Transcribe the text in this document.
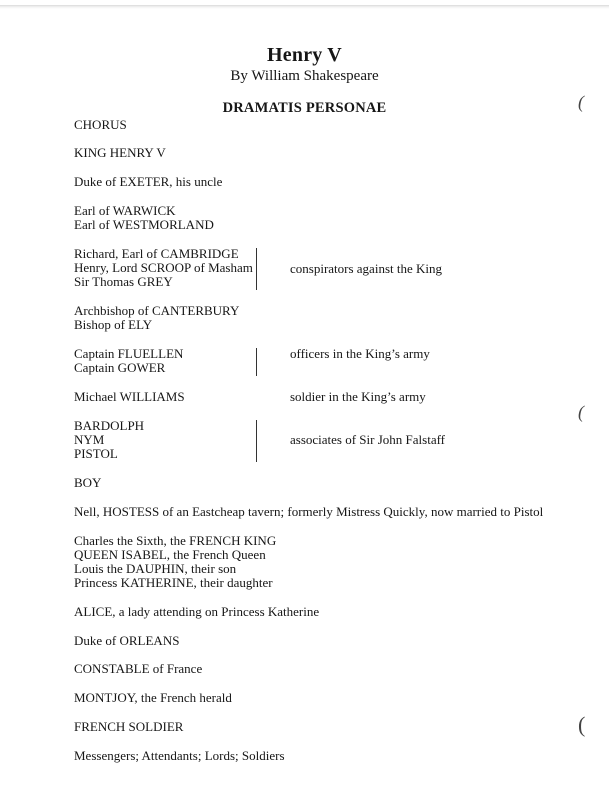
Henry V
By William Shakespeare
DRAMATIS PERSONAE
CHORUS
KING HENRY V
Duke of EXETER, his uncle
Earl of WARWICK
Earl of WESTMORLAND
Richard, Earl of CAMBRIDGE
Henry, Lord SCROOP of Masham
Sir Thomas GREY
conspirators against the King
Archbishop of CANTERBURY
Bishop of ELY
Captain FLUELLEN
Captain GOWER
officers in the King’s army
Michael WILLIAMS	soldier in the King’s army
BARDOLPH
NYM
PISTOL
associates of Sir John Falstaff
BOY
Nell, HOSTESS of an Eastcheap tavern; formerly Mistress Quickly, now married to Pistol
Charles the Sixth, the FRENCH KING
QUEEN ISABEL, the French Queen
Louis the DAUPHIN, their son
Princess KATHERINE, their daughter
ALICE, a lady attending on Princess Katherine
Duke of ORLEANS
CONSTABLE of France
MONTJOY, the French herald
FRENCH SOLDIER
Messengers; Attendants; Lords; Soldiers
(
(
(
